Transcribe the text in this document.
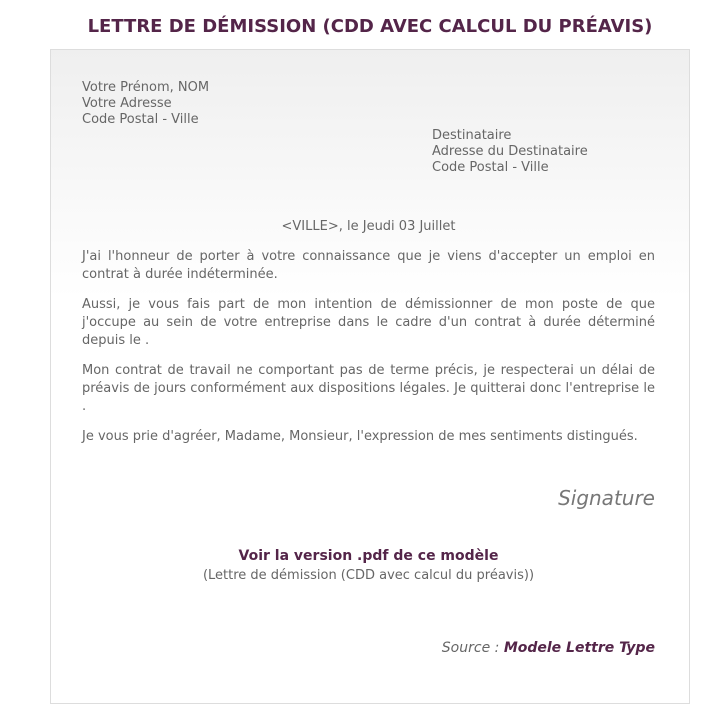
LETTRE DE DÉMISSION (CDD AVEC CALCUL DU PRÉAVIS)
Votre Prénom, NOM
Votre Adresse
Code Postal - Ville
Destinataire
Adresse du Destinataire
Code Postal - Ville
<VILLE>, le Jeudi 03 Juillet

J'ai l'honneur de porter à votre connaissance que je viens d'accepter un emploi en contrat à durée indéterminée.

Aussi, je vous fais part de mon intention de démissionner de mon poste de que j'occupe au sein de votre entreprise dans le cadre d'un contrat à durée déterminé depuis le .

Mon contrat de travail ne comportant pas de terme précis, je respecterai un délai de préavis de jours conformément aux dispositions légales. Je quitterai donc l'entreprise le .

Je vous prie d'agréer, Madame, Monsieur, l'expression de mes sentiments distingués.

Signature
Voir la version .pdf de ce modèle
(Lettre de démission (CDD avec calcul du préavis))
Source : Modele Lettre Type
